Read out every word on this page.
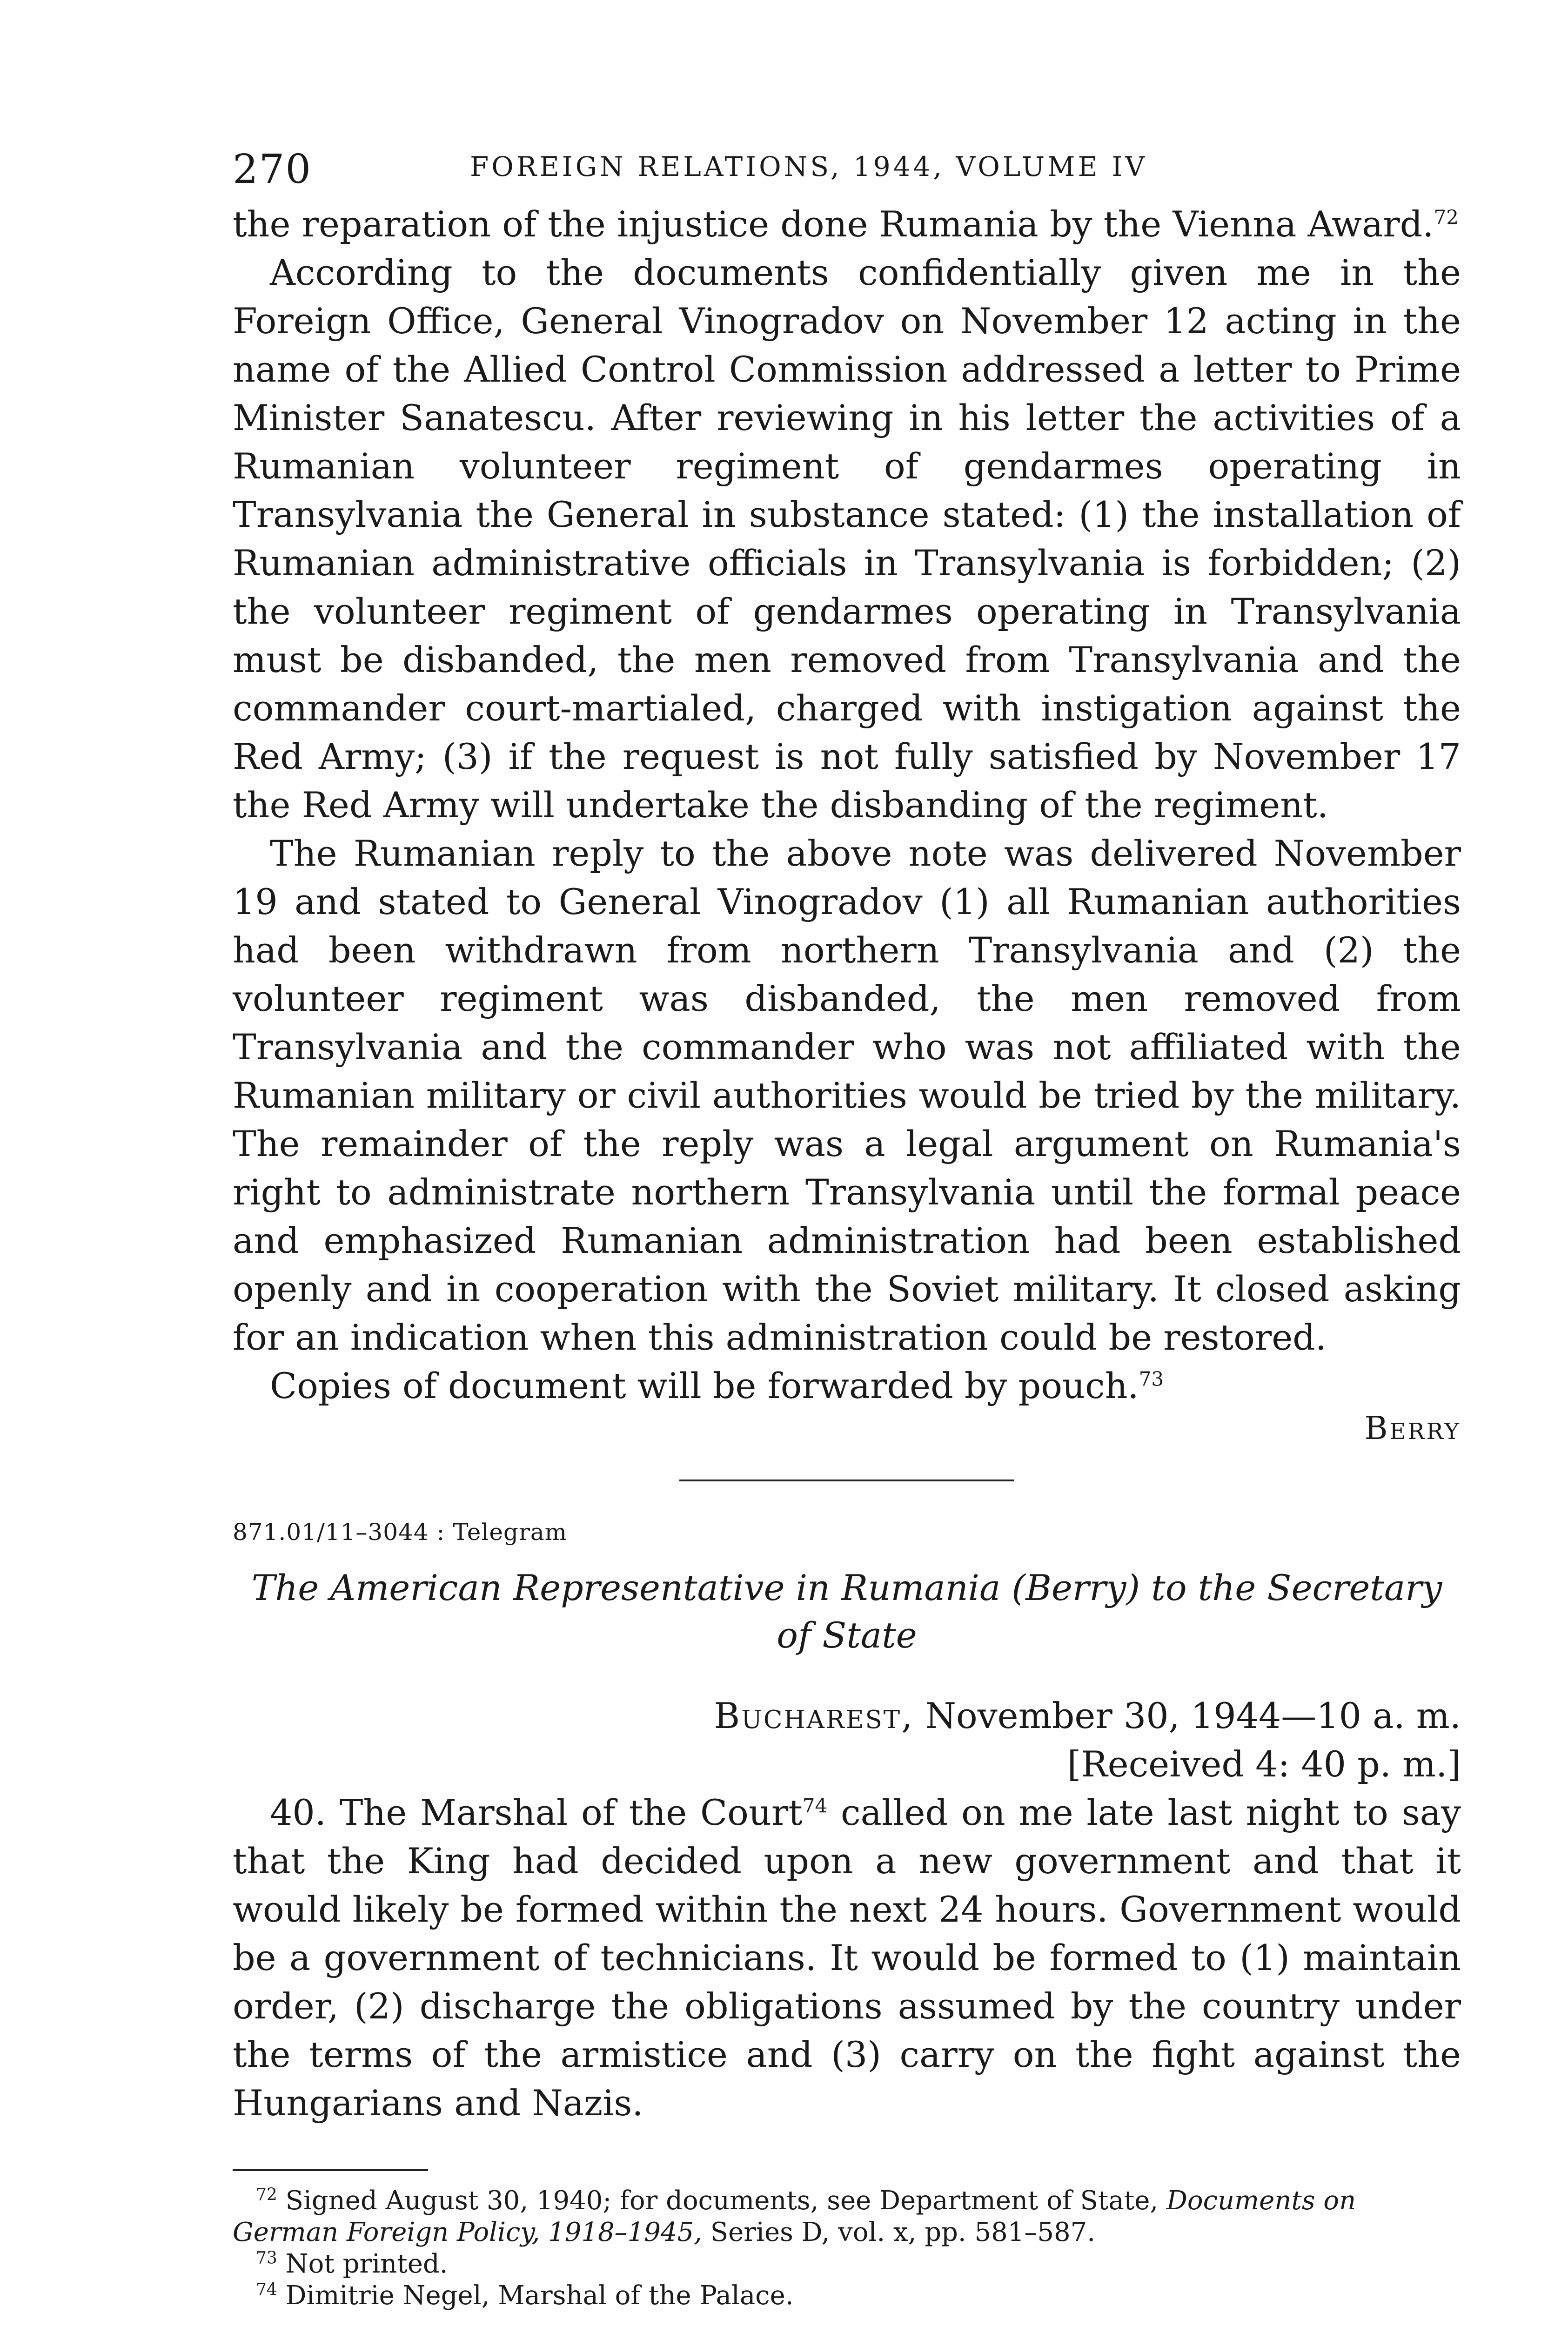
270	FOREIGN RELATIONS, 1944, VOLUME IV

the reparation of the injustice done Rumania by the Vienna Award.$^{72}$

According to the documents confidentially given me in the Foreign Office, General Vinogradov on November 12 acting in the name of the Allied Control Commission addressed a letter to Prime Minister Sanatescu. After reviewing in his letter the activities of a Rumanian volunteer regiment of gendarmes operating in Transylvania the General in substance stated: (1) the installation of Rumanian administrative officials in Transylvania is forbidden; (2) the volunteer regiment of gendarmes operating in Transylvania must be disbanded, the men removed from Transylvania and the commander court-martialed, charged with instigation against the Red Army; (3) if the request is not fully satisfied by November 17 the Red Army will undertake the disbanding of the regiment.

The Rumanian reply to the above note was delivered November 19 and stated to General Vinogradov (1) all Rumanian authorities had been withdrawn from northern Transylvania and (2) the volunteer regiment was disbanded, the men removed from Transylvania and the commander who was not affiliated with the Rumanian military or civil authorities would be tried by the military. The remainder of the reply was a legal argument on Rumania's right to administrate northern Transylvania until the formal peace and emphasized Rumanian administration had been established openly and in cooperation with the Soviet military. It closed asking for an indication when this administration could be restored.

Copies of document will be forwarded by pouch.$^{73}$

Berry
871.01/11–3044 : Telegram
The American Representative in Rumania (Berry) to the Secretary
of State
Bucharest, November 30, 1944—10 a. m.
[Received 4: 40 p. m.]

40. The Marshal of the Court$^{74}$ called on me late last night to say that the King had decided upon a new government and that it would likely be formed within the next 24 hours. Government would be a government of technicians. It would be formed to (1) maintain order, (2) discharge the obligations assumed by the country under the terms of the armistice and (3) carry on the fight against the Hungarians and Nazis.

$^{72}$ Signed August 30, 1940; for documents, see Department of State, Documents on German Foreign Policy, 1918–1945, Series D, vol. x, pp. 581–587.

$^{73}$ Not printed.

$^{74}$ Dimitrie Negel, Marshal of the Palace.
